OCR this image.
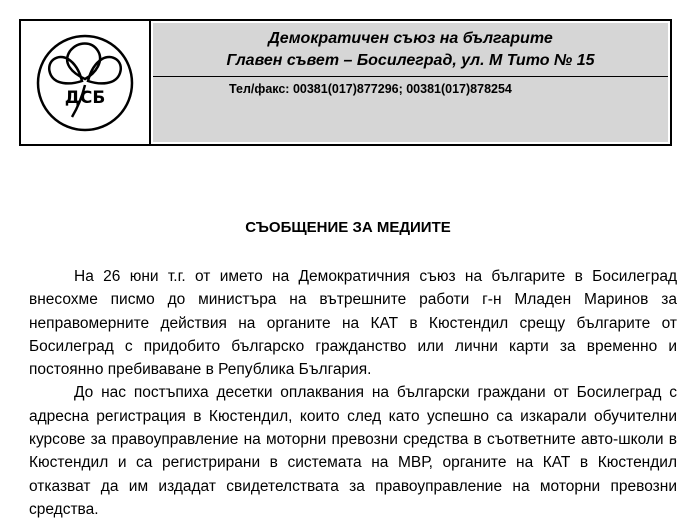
ДСБ
Демократичен съюз на българите
Главен съвет – Босилеград, ул. М Тито № 15
Тел/факс: 00381(017)877296; 00381(017)878254
СЪОБЩЕНИЕ ЗА МЕДИИТЕ

На 26 юни т.г. от името на Демократичния съюз на българите в Босилеград внесохме писмо до министъра на вътрешните работи г-н Младен Маринов за неправомерните действия на органите на КАТ в Кюстендил срещу българите от Босилеград с придобито българско гражданство или лични карти за временно и постоянно пребиваване в Република България.

До нас постъпиха десетки оплаквания на български граждани от Босилеград с адресна регистрация в Кюстендил, които след като успешно са изкарали обучителни курсове за правоуправление на моторни превозни средства в съответните авто-школи в Кюстендил и са регистрирани в системата на МВР, органите на КАТ в Кюстендил отказват да им издадат свидетелствата за правоуправление на моторни превозни средства.
